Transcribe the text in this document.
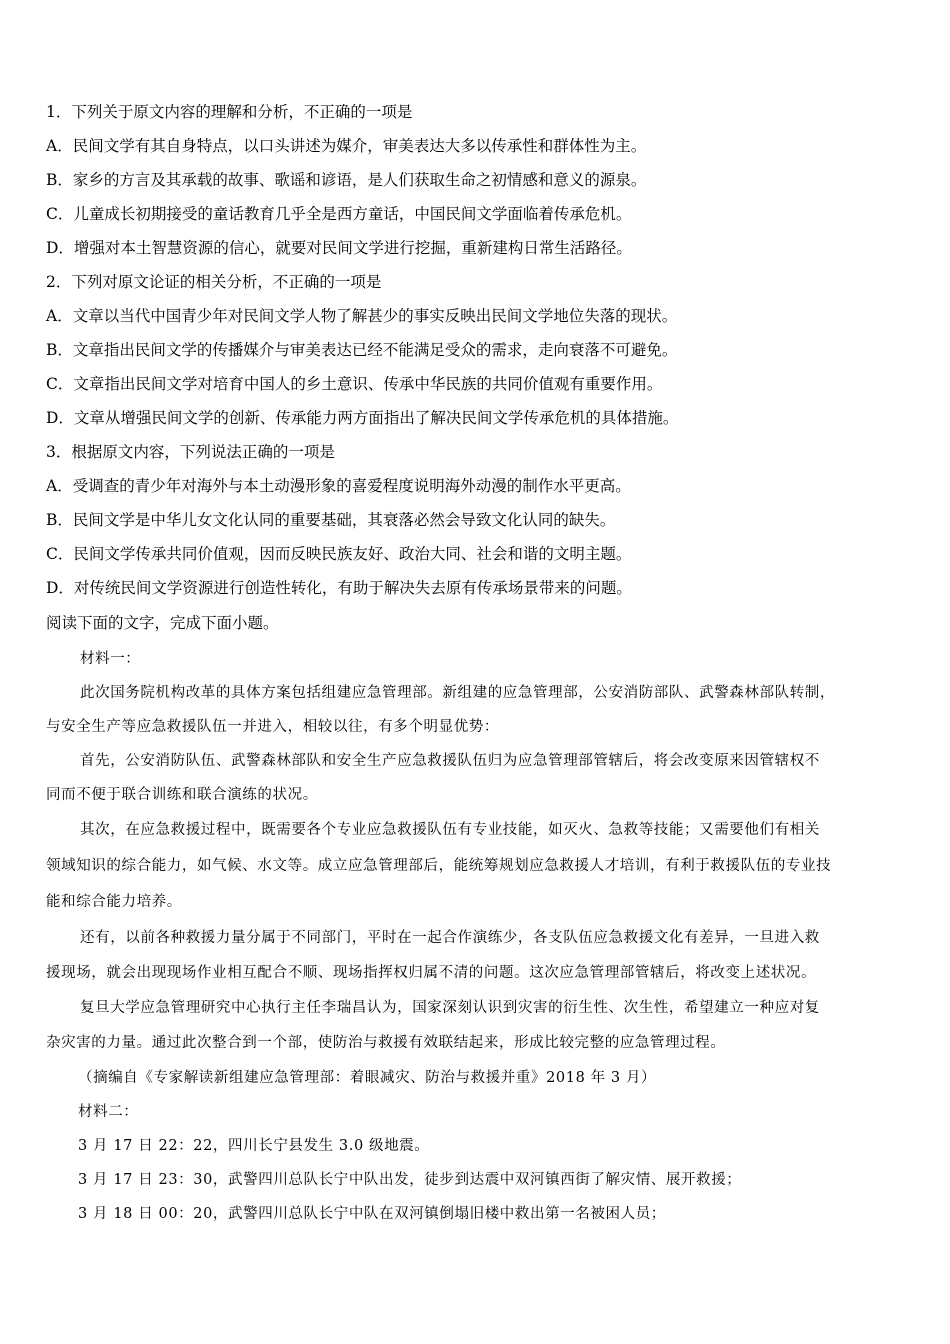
1．下列关于原文内容的理解和分析，不正确的一项是
A．民间文学有其自身特点，以口头讲述为媒介，审美表达大多以传承性和群体性为主。
B．家乡的方言及其承载的故事、歌谣和谚语，是人们获取生命之初情感和意义的源泉。
C．儿童成长初期接受的童话教育几乎全是西方童话，中国民间文学面临着传承危机。
D．增强对本土智慧资源的信心，就要对民间文学进行挖掘，重新建构日常生活路径。
2．下列对原文论证的相关分析，不正确的一项是
A．文章以当代中国青少年对民间文学人物了解甚少的事实反映出民间文学地位失落的现状。
B．文章指出民间文学的传播媒介与审美表达已经不能满足受众的需求，走向衰落不可避免。
C．文章指出民间文学对培育中国人的乡土意识、传承中华民族的共同价值观有重要作用。
D．文章从增强民间文学的创新、传承能力两方面指出了解决民间文学传承危机的具体措施。
3．根据原文内容，下列说法正确的一项是
A．受调查的青少年对海外与本土动漫形象的喜爱程度说明海外动漫的制作水平更高。
B．民间文学是中华儿女文化认同的重要基础，其衰落必然会导致文化认同的缺失。
C．民间文学传承共同价值观，因而反映民族友好、政治大同、社会和谐的文明主题。
D．对传统民间文学资源进行创造性转化，有助于解决失去原有传承场景带来的问题。
阅读下面的文字，完成下面小题。
材料一：
此次国务院机构改革的具体方案包括组建应急管理部。新组建的应急管理部，公安消防部队、武警森林部队转制，
与安全生产等应急救援队伍一并进入，相较以往，有多个明显优势：
首先，公安消防队伍、武警森林部队和安全生产应急救援队伍归为应急管理部管辖后，将会改变原来因管辖权不
同而不便于联合训练和联合演练的状况。
其次，在应急救援过程中，既需要各个专业应急救援队伍有专业技能，如灭火、急救等技能；又需要他们有相关
领域知识的综合能力，如气候、水文等。成立应急管理部后，能统筹规划应急救援人才培训，有利于救援队伍的专业技
能和综合能力培养。
还有，以前各种救援力量分属于不同部门，平时在一起合作演练少，各支队伍应急救援文化有差异，一旦进入救
援现场，就会出现现场作业相互配合不顺、现场指挥权归属不清的问题。这次应急管理部管辖后，将改变上述状况。
复旦大学应急管理研究中心执行主任李瑞昌认为，国家深刻认识到灾害的衍生性、次生性，希望建立一种应对复
杂灾害的力量。通过此次整合到一个部，使防治与救援有效联结起来，形成比较完整的应急管理过程。
（摘编自《专家解读新组建应急管理部：着眼减灾、防治与救援并重》2018 年 3 月）
材料二：
3 月 17 日 22：22，四川长宁县发生 3.0 级地震。
3 月 17 日 23：30，武警四川总队长宁中队出发，徒步到达震中双河镇西街了解灾情、展开救援；
3 月 18 日 00：20，武警四川总队长宁中队在双河镇倒塌旧楼中救出第一名被困人员；
